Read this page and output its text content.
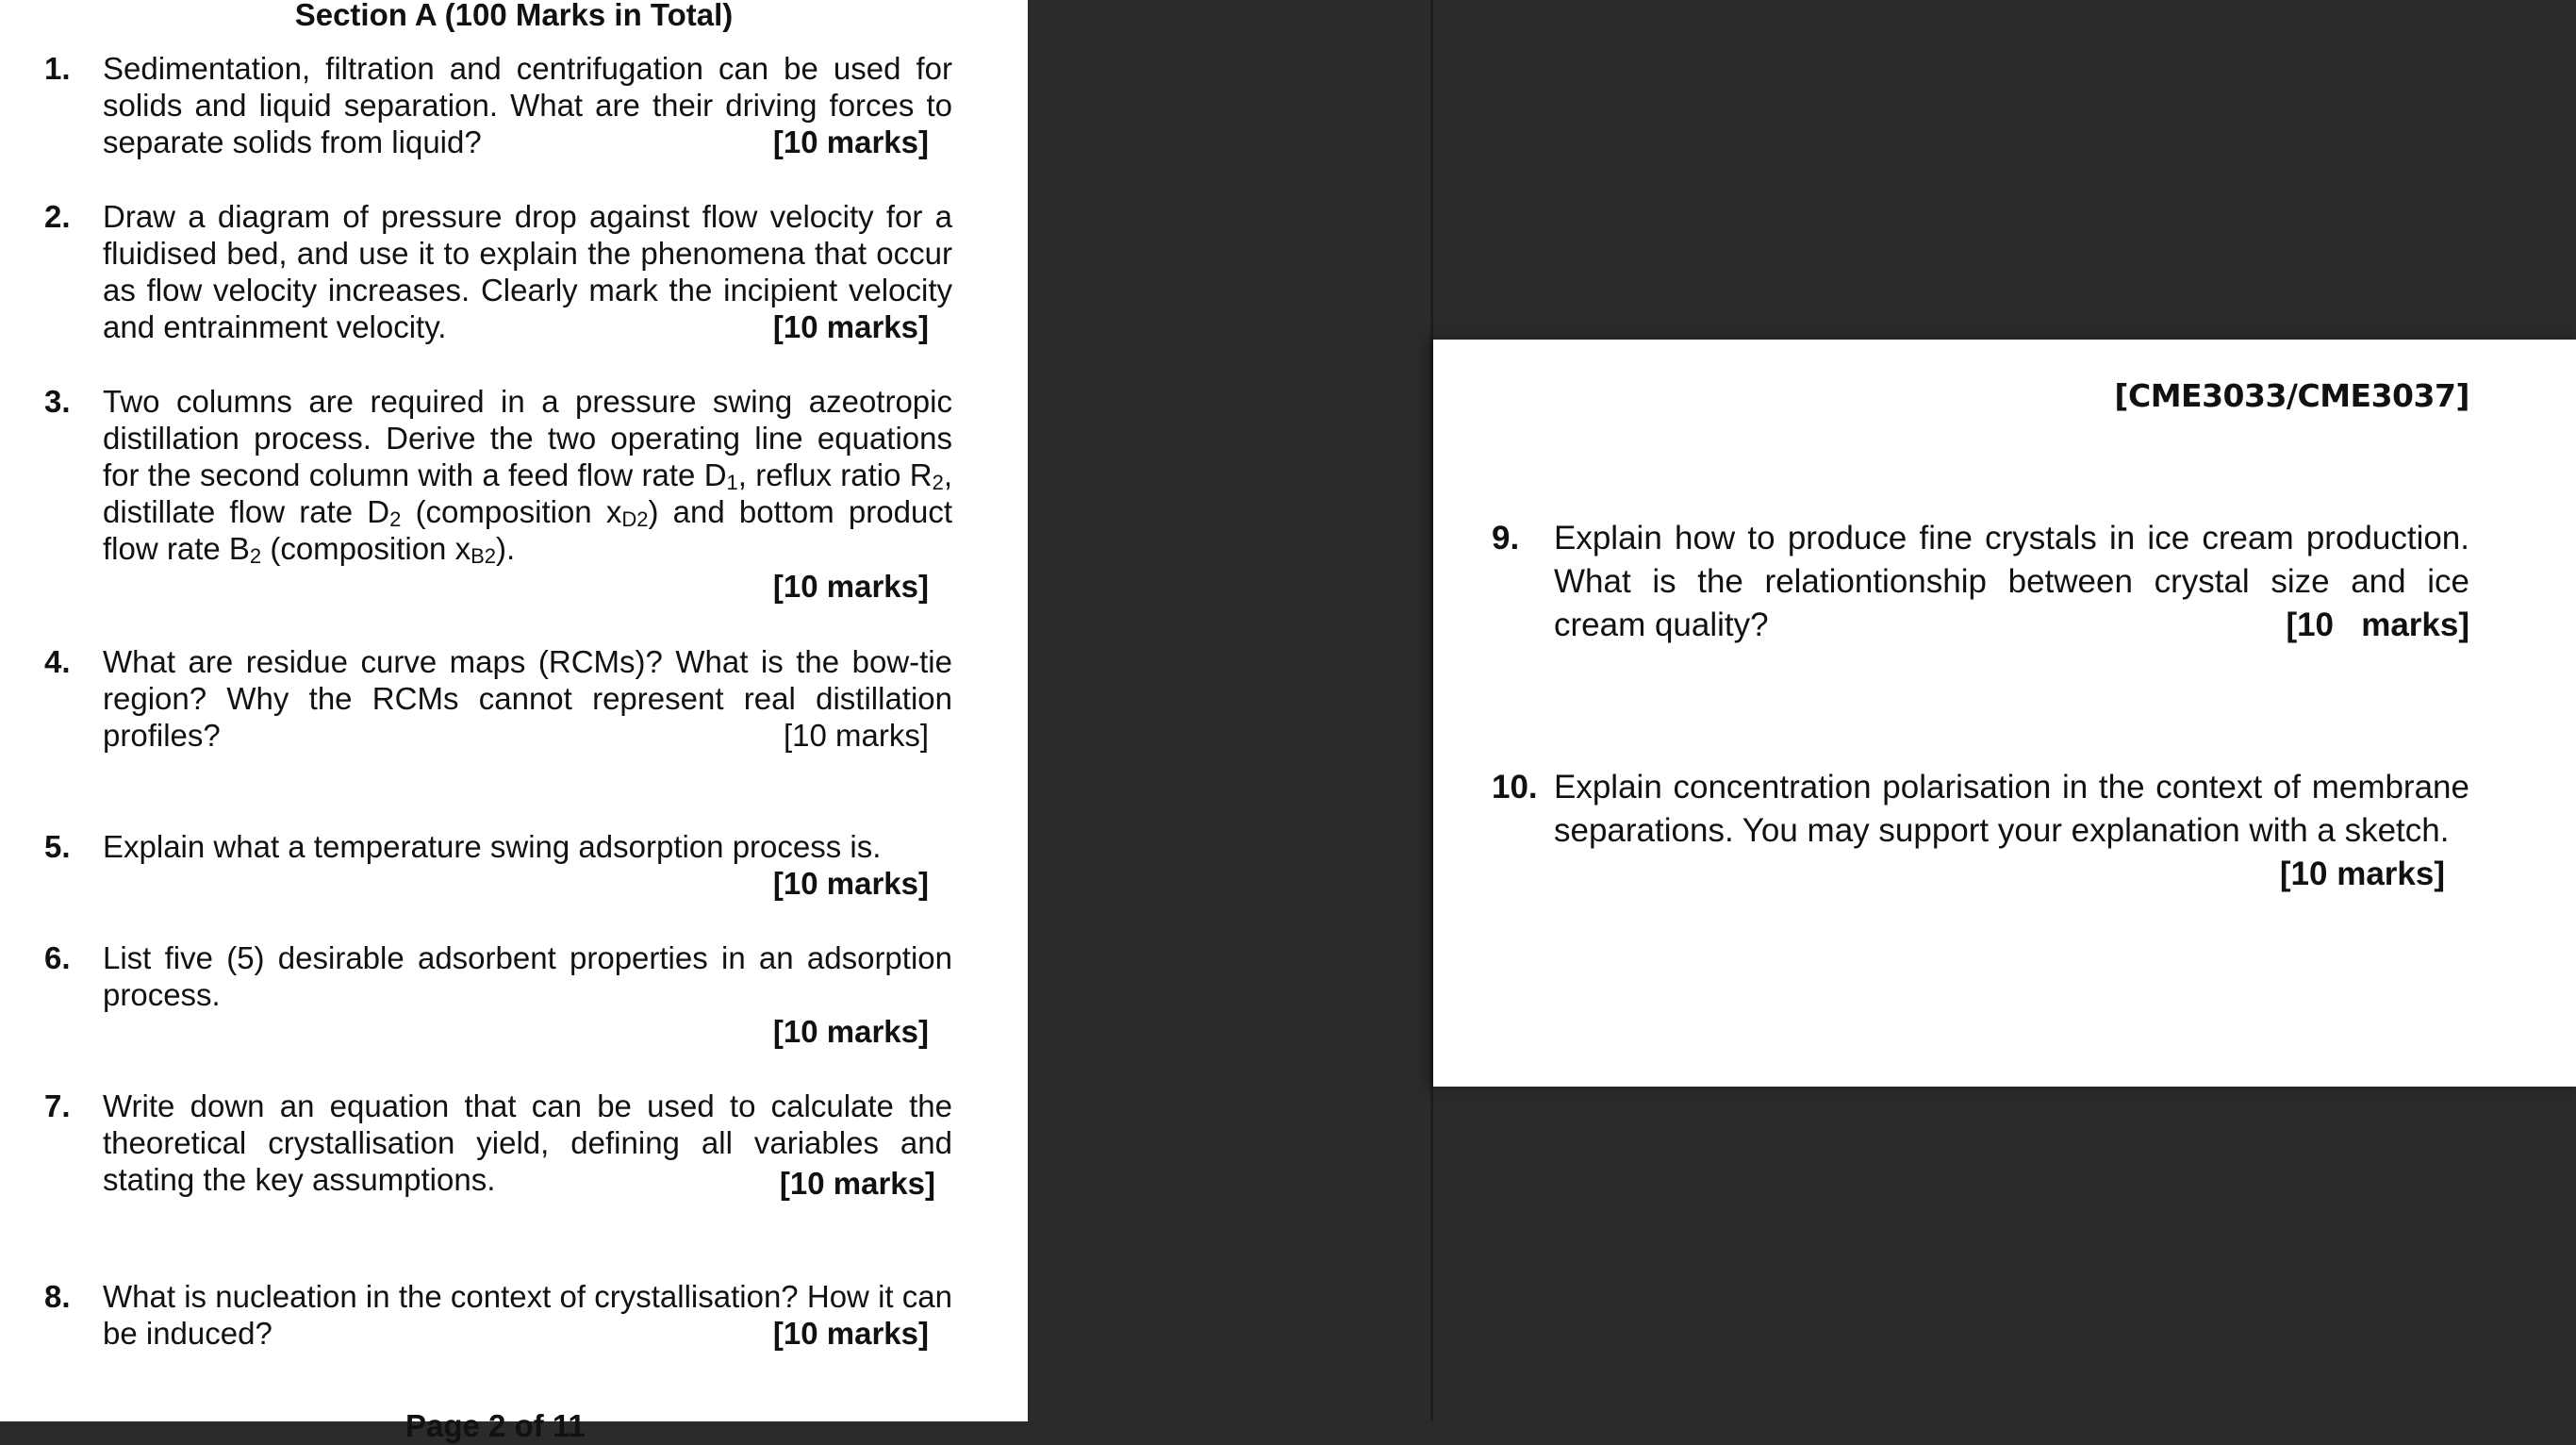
Section A (100 Marks in Total)
1. Sedimentation, filtration and centrifugation can be used for solids and liquid separation. What are their driving forces to separate solids from liquid?	[10 marks]
2. Draw a diagram of pressure drop against flow velocity for a fluidised bed, and use it to explain the phenomena that occur as flow velocity increases. Clearly mark the incipient velocity and entrainment velocity.	[10 marks]
3. Two columns are required in a pressure swing azeotropic distillation process. Derive the two operating line equations for the second column with a feed flow rate $D_1$, reflux ratio $R_2$, distillate flow rate $D_2$ (composition $x_{D2}$) and bottom product flow rate $B_2$ (composition $x_{B2}$).
[10 marks]
4. What are residue curve maps (RCMs)? What is the bow-tie region? Why the RCMs cannot represent real distillation profiles?	[10 marks]
5. Explain what a temperature swing adsorption process is.
[10 marks]
6. List five (5) desirable adsorbent properties in an adsorption process.
[10 marks]
7. Write down an equation that can be used to calculate the theoretical crystallisation yield, defining all variables and stating the key assumptions.	[10 marks]
8. What is nucleation in the context of crystallisation? How it can be induced?	[10 marks]
Page 2 of 11
[CME3033/CME3037]
9. Explain how to produce fine crystals in ice cream production. What is the relationtionship between crystal size and ice cream quality?	[10   marks]
10. Explain concentration polarisation in the context of membrane separations. You may support your explanation with a sketch.
[10 marks]
